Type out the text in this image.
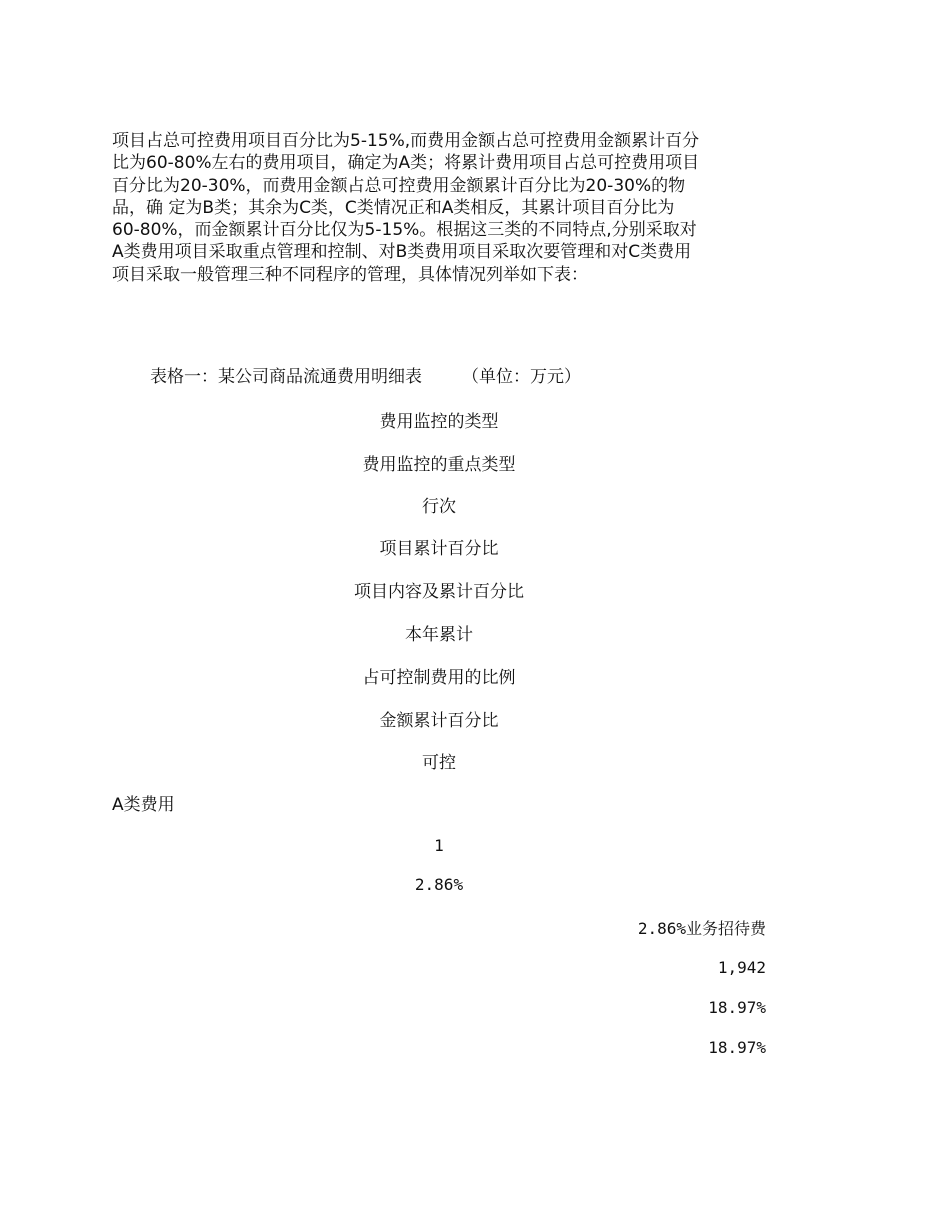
项目占总可控费用项目百分比为5-15%,而费用金额占总可控费用金额累计百分
比为60-80%左右的费用项目，确定为A类；将累计费用项目占总可控费用项目
百分比为20-30%，而费用金额占总可控费用金额累计百分比为20-30%的物
品，确 定为B类；其余为C类，C类情况正和A类相反，其累计项目百分比为
60-80%，而金额累计百分比仅为5-15%。根据这三类的不同特点,分别采取对
A类费用项目采取重点管理和控制、对B类费用项目采取次要管理和对C类费用
项目采取一般管理三种不同程序的管理，具体情况列举如下表：
表格一：某公司商品流通费用明细表 （单位：万元）
费用监控的类型
费用监控的重点类型
行次
项目累计百分比
项目内容及累计百分比
本年累计
占可控制费用的比例
金额累计百分比
可控
A类费用
1
2.86%
2.86%业务招待费
1,942
18.97%
18.97%
